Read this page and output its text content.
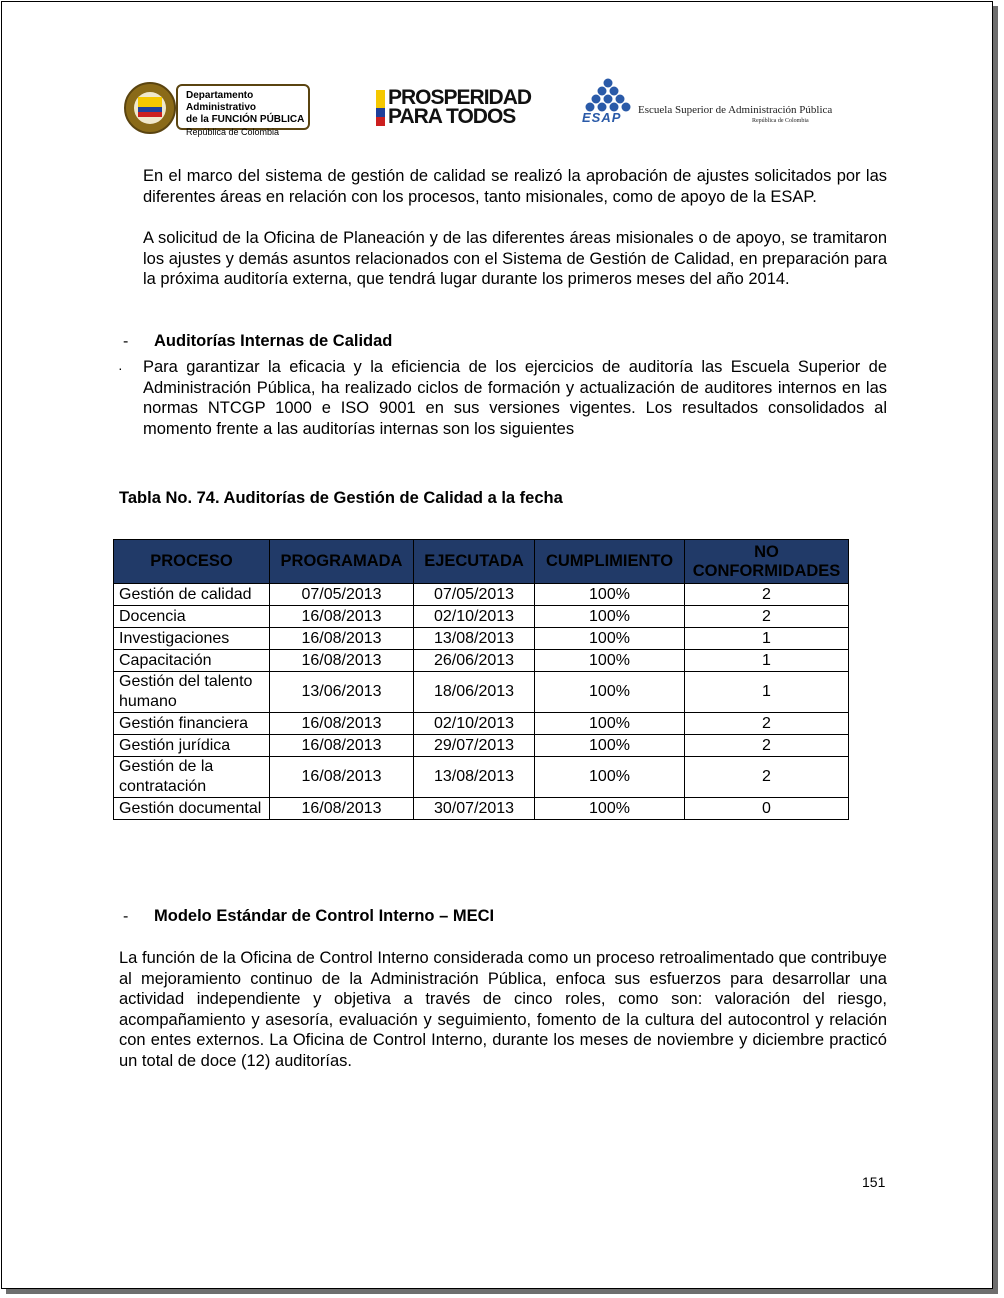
Departamento Administrativo
de la FUNCIÓN PÚBLICA
República de Colombia
PROSPERIDAD
PARA TODOS	ESAP Escuela Superior de Administración Pública
República de Colombia
En el marco del sistema de gestión de calidad se realizó la aprobación de ajustes solicitados por las diferentes áreas en relación con los procesos, tanto misionales, como de apoyo de la ESAP.
A solicitud de la Oficina de Planeación y de las diferentes áreas misionales o de apoyo, se tramitaron los ajustes y demás asuntos relacionados con el Sistema de Gestión de Calidad, en preparación para la próxima auditoría externa, que tendrá lugar durante los primeros meses del año 2014.
- Auditorías Internas de Calidad
· Para garantizar la eficacia y la eficiencia de los ejercicios de auditoría las Escuela Superior de Administración Pública, ha realizado ciclos de formación y actualización de auditores internos en las normas NTCGP 1000 e ISO 9001 en sus versiones vigentes. Los resultados consolidados al momento frente a las auditorías internas son los siguientes
Tabla No. 74. Auditorías de Gestión de Calidad a la fecha
PROCESO	PROGRAMADA	EJECUTADA	CUMPLIMIENTO	NO CONFORMIDADES
Gestión de calidad	07/05/2013	07/05/2013	100%	2
Docencia	16/08/2013	02/10/2013	100%	2
Investigaciones	16/08/2013	13/08/2013	100%	1
Capacitación	16/08/2013	26/06/2013	100%	1
Gestión del talento humano	13/06/2013	18/06/2013	100%	1
Gestión financiera	16/08/2013	02/10/2013	100%	2
Gestión jurídica	16/08/2013	29/07/2013	100%	2
Gestión de la contratación	16/08/2013	13/08/2013	100%	2
Gestión documental	16/08/2013	30/07/2013	100%	0
- Modelo Estándar de Control Interno – MECI
La función de la Oficina de Control Interno considerada como un proceso retroalimentado que contribuye al mejoramiento continuo de la Administración Pública, enfoca sus esfuerzos para desarrollar una actividad independiente y objetiva a través de cinco roles, como son: valoración del riesgo, acompañamiento y asesoría, evaluación y seguimiento, fomento de la cultura del autocontrol y relación con entes externos. La Oficina de Control Interno, durante los meses de noviembre y diciembre practicó un total de doce (12) auditorías.
151
